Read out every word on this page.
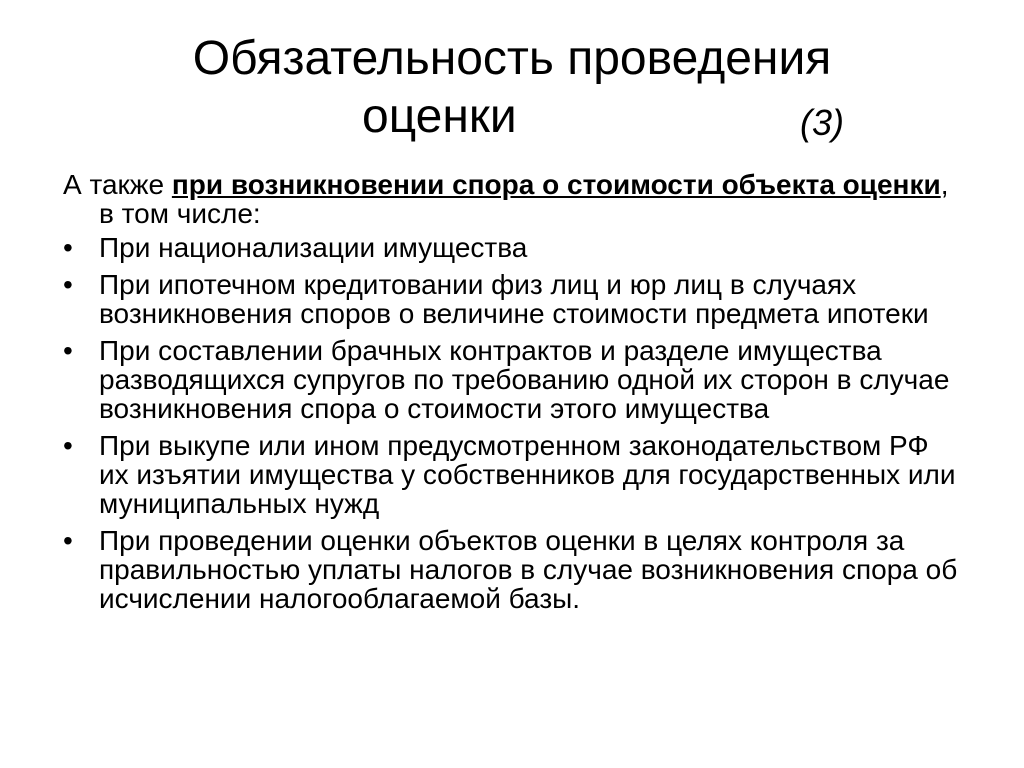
Обязательность проведения
оценки	(3)

А также при возникновении спора о стоимости объекта оценки, в том числе:

• При национализации имущества
• При ипотечном кредитовании физ лиц и юр лиц в случаях возникновения споров о величине стоимости предмета ипотеки
• При составлении брачных контрактов и разделе имущества разводящихся супругов по требованию одной их сторон в случае возникновения спора о стоимости этого имущества
• При выкупе или ином предусмотренном законодательством РФ их изъятии имущества у собственников для государственных или муниципальных нужд
• При проведении оценки объектов оценки в целях контроля за правильностью уплаты налогов в случае возникновения спора об исчислении налогооблагаемой базы.
